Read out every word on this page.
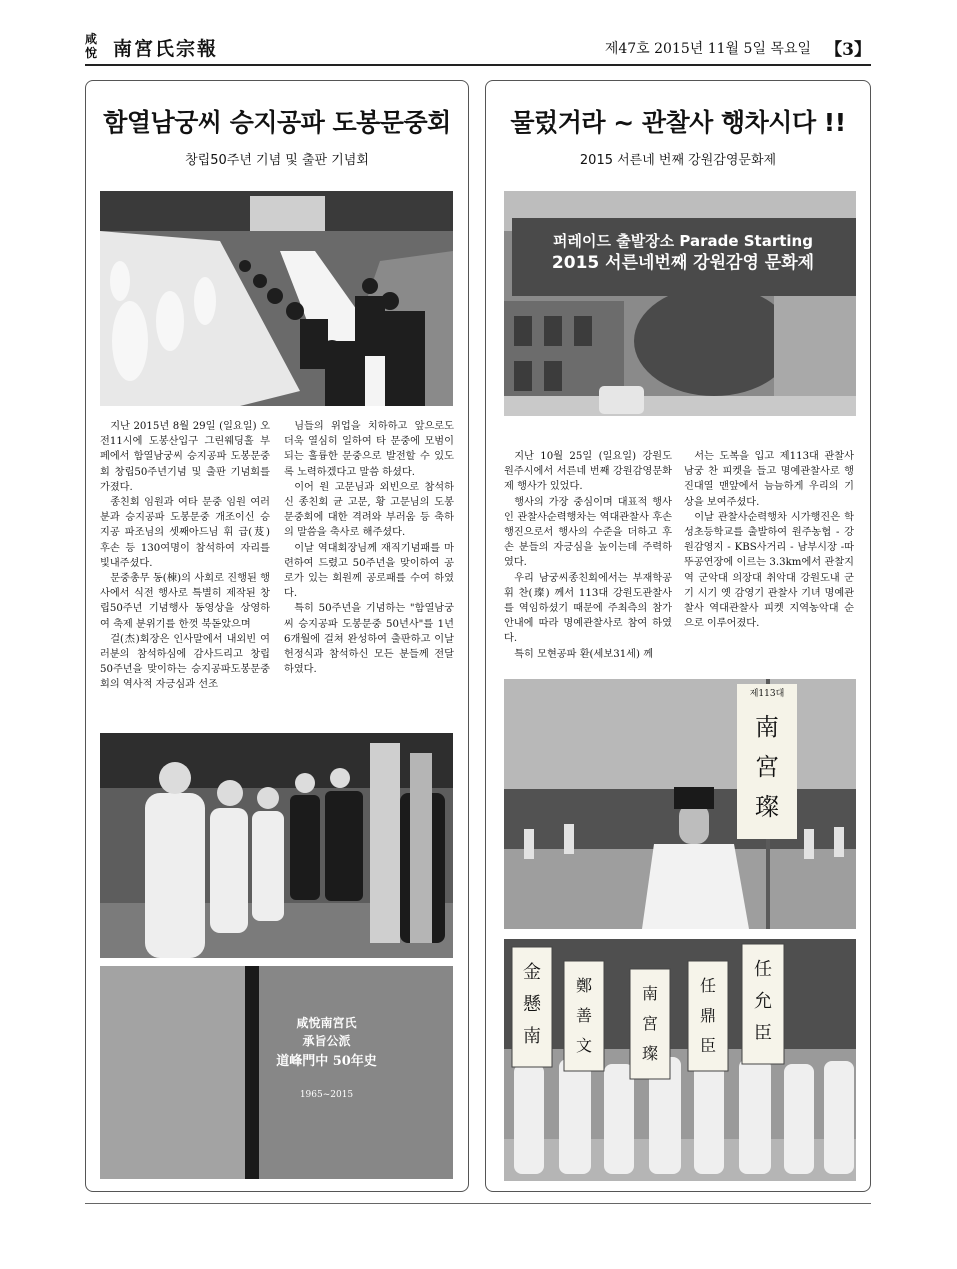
咸悅 南宮氏宗報	제47호 2015년 11월 5일 목요일 【3】
함열남궁씨 승지공파 도봉문중회
창립50주년 기념 및 출판 기념회

지난 2015년 8월 29일 (일요일) 오전11시에 도봉산입구 그린웨딩홀 부페에서 함열남궁씨 승지공파 도봉문중회 창립50주년기념 및 출판 기념회를 가졌다.

종친회 임원과 여타 문중 임원 여러분과 승지공파 도봉문중 개조이신 승지공 파조님의 셋째아드님 휘 급(芨) 후손 등 130여명이 참석하여 자리를 빛내주셨다.

문중총무 동(棟)의 사회로 진행된 행사에서 식전 행사로 특별히 제작된 창립50주년 기념행사 동영상을 상영하여 축제 분위기를 한껏 북돋았으며

걸(杰)회장은 인사말에서 내외빈 여러분의 참석하심에 감사드리고 창립50주년을 맞이하는 승지공파도봉문중회의 역사적 자긍심과 선조

님들의 위업을 치하하고 앞으로도 더욱 열심히 일하여 타 문중에 모범이 되는 훌륭한 문중으로 발전할 수 있도록 노력하겠다고 말씀 하셨다.

이어 원 고문님과 외빈으로 참석하신 종친회 균 고문, 황 고문님의 도봉문중회에 대한 격려와 부러움 등 축하의 말씀을 축사로 해주셨다.

이날 역대회장님께 재직기념패를 마련하여 드렸고 50주년을 맞이하여 공로가 있는 회원께 공로패를 수여 하였다.

특히 50주년을 기념하는 "함열남궁씨 승지공파 도봉문중 50년사"를 1년6개월에 걸쳐 완성하여 출판하고 이날 헌정식과 참석하신 모든 분들께 전달 하였다.

咸悅南宮氏
承旨公派
道峰門中 50年史
1965~2015
물렀거라 ~ 관찰사 행차시다 !!
2015 서른네 번째 강원감영문화제
퍼레이드 출발장소 Parade Starting
2015 서른네번째 강원감영 문화제

지난 10월 25일 (일요일) 강원도 원주시에서 서른네 번째 강원감영문화제 행사가 있었다.

행사의 가장 중심이며 대표적 행사인 관찰사순력행차는 역대관찰사 후손 행진으로서 행사의 수준을 더하고 후손 분들의 자긍심을 높이는데 주력하였다.

우리 남궁씨종친회에서는 부재학공 휘 찬(璨) 께서 113대 강원도관찰사를 역임하셨기 때문에 주최측의 참가안내에 따라 명예관찰사로 참여 하였다.

특히 모현공파 환(세보31세) 께

서는 도복을 입고 제113대 관찰사 남궁 찬 피켓을 들고 명예관찰사로 행진대열 맨앞에서 늠늠하게 우리의 기상을 보여주셨다.

이날 관찰사순력행차 시가행진은 학성초등학교를 출발하여 원주농협 - 강원감영지 - KBS사거리 - 남부시장 -따뚜공연장에 이르는 3.3km에서 관찰지역 군악대 의장대 취악대 강원도내 군기 시기 옛 감영기 관찰사 기녀 명예관찰사 역대관찰사 피켓 지역농악대 순으로 이루어졌다.

제113대
南
宮
璨
金
懸
南
鄭
善
文
南
宮
璨
任
鼎
臣
任
允
臣
